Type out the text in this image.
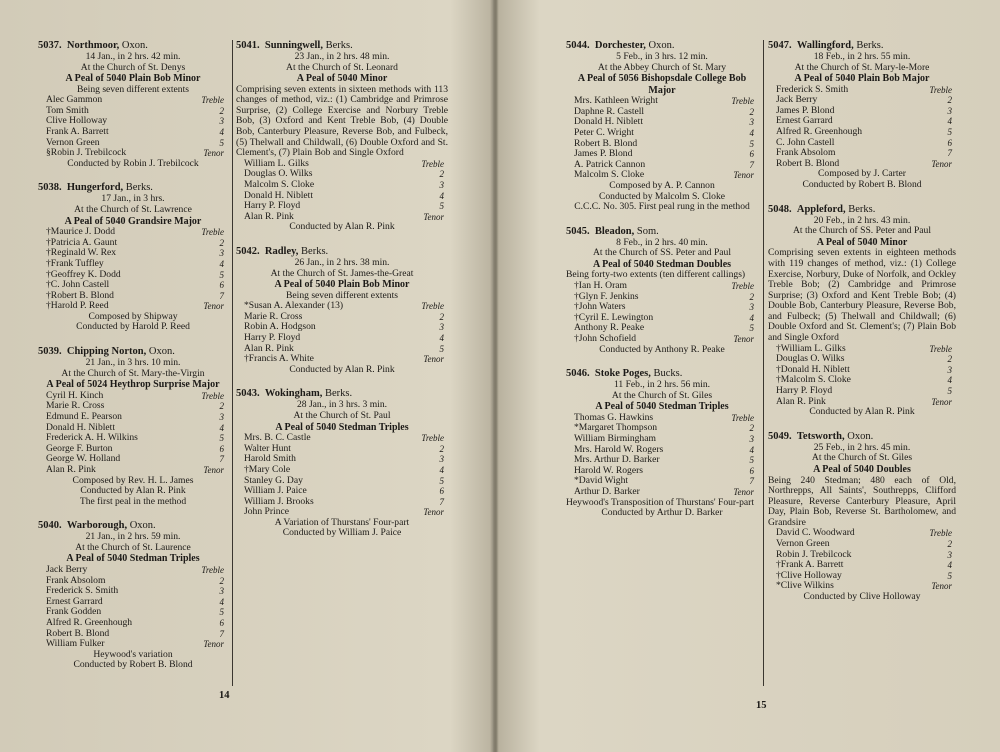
5037. Northmoor, Oxon.
14 Jan., in 2 hrs. 42 min.
At the Church of St. Denys
A Peal of 5040 Plain Bob Minor
Being seven different extents
Alec Gammon	Treble
Tom Smith	2
Clive Holloway	3
Frank A. Barrett	4
Vernon Green	5
§Robin J. Trebilcock	Tenor
Conducted by Robin J. Trebilcock
5038. Hungerford, Berks.
17 Jan., in 3 hrs.
At the Church of St. Lawrence
A Peal of 5040 Grandsire Major
†Maurice J. Dodd	Treble
†Patricia A. Gaunt	2
†Reginald W. Rex	3
†Frank Tuffley	4
†Geoffrey K. Dodd	5
†C. John Castell	6
†Robert B. Blond	7
†Harold P. Reed	Tenor
Composed by Shipway
Conducted by Harold P. Reed
5039. Chipping Norton, Oxon.
21 Jan., in 3 hrs. 10 min.
At the Church of St. Mary-the-Virgin
A Peal of 5024 Heythrop Surprise Major
Cyril H. Kinch	Treble
Marie R. Cross	2
Edmund E. Pearson	3
Donald H. Niblett	4
Frederick A. H. Wilkins	5
George F. Burton	6
George W. Holland	7
Alan R. Pink	Tenor
Composed by Rev. H. L. James
Conducted by Alan R. Pink
The first peal in the method
5040. Warborough, Oxon.
21 Jan., in 2 hrs. 59 min.
At the Church of St. Laurence
A Peal of 5040 Stedman Triples
Jack Berry	Treble
Frank Absolom	2
Frederick S. Smith	3
Ernest Garrard	4
Frank Godden	5
Alfred R. Greenhough	6
Robert B. Blond	7
William Fulker	Tenor
Heywood's variation
Conducted by Robert B. Blond
5041. Sunningwell, Berks.
23 Jan., in 2 hrs. 48 min.
At the Church of St. Leonard
A Peal of 5040 Minor
Comprising seven extents in sixteen methods with 113 changes of method, viz.: (1) Cambridge and Primrose Surprise, (2) College Exercise and Norbury Treble Bob, (3) Oxford and Kent Treble Bob, (4) Double Bob, Canterbury Pleasure, Reverse Bob, and Fulbeck, (5) Thelwall and Childwall, (6) Double Oxford and St. Clement's, (7) Plain Bob and Single Oxford
William L. Gilks	Treble
Douglas O. Wilks	2
Malcolm S. Cloke	3
Donald H. Niblett	4
Harry P. Floyd	5
Alan R. Pink	Tenor
Conducted by Alan R. Pink
5042. Radley, Berks.
26 Jan., in 2 hrs. 38 min.
At the Church of St. James-the-Great
A Peal of 5040 Plain Bob Minor
Being seven different extents
*Susan A. Alexander (13)	Treble
Marie R. Cross	2
Robin A. Hodgson	3
Harry P. Floyd	4
Alan R. Pink	5
†Francis A. White	Tenor
Conducted by Alan R. Pink
5043. Wokingham, Berks.
28 Jan., in 3 hrs. 3 min.
At the Church of St. Paul
A Peal of 5040 Stedman Triples
Mrs. B. C. Castle	Treble
Walter Hunt	2
Harold Smith	3
†Mary Cole	4
Stanley G. Day	5
William J. Paice	6
William J. Brooks	7
John Prince	Tenor
A Variation of Thurstans' Four-part
Conducted by William J. Paice
5044. Dorchester, Oxon.
5 Feb., in 3 hrs. 12 min.
At the Abbey Church of St. Mary
A Peal of 5056 Bishopsdale College Bob Major
Mrs. Kathleen Wright	Treble
Daphne R. Castell	2
Donald H. Niblett	3
Peter C. Wright	4
Robert B. Blond	5
James P. Blond	6
A. Patrick Cannon	7
Malcolm S. Cloke	Tenor
Composed by A. P. Cannon
Conducted by Malcolm S. Cloke
C.C.C. No. 305. First peal rung in the method
5045. Bleadon, Som.
8 Feb., in 2 hrs. 40 min.
At the Church of SS. Peter and Paul
A Peal of 5040 Stedman Doubles
Being forty-two extents (ten different callings)
†Ian H. Oram	Treble
†Glyn F. Jenkins	2
†John Waters	3
†Cyril E. Lewington	4
Anthony R. Peake	5
†John Schofield	Tenor
Conducted by Anthony R. Peake
5046. Stoke Poges, Bucks.
11 Feb., in 2 hrs. 56 min.
At the Church of St. Giles
A Peal of 5040 Stedman Triples
Thomas G. Hawkins	Treble
*Margaret Thompson	2
William Birmingham	3
Mrs. Harold W. Rogers	4
Mrs. Arthur D. Barker	5
Harold W. Rogers	6
*David Wight	7
Arthur D. Barker	Tenor
Heywood's Transposition of Thurstans' Four-part
Conducted by Arthur D. Barker
5047. Wallingford, Berks.
18 Feb., in 2 hrs. 55 min.
At the Church of St. Mary-le-More
A Peal of 5040 Plain Bob Major
Frederick S. Smith	Treble
Jack Berry	2
James P. Blond	3
Ernest Garrard	4
Alfred R. Greenhough	5
C. John Castell	6
Frank Absolom	7
Robert B. Blond	Tenor
Composed by J. Carter
Conducted by Robert B. Blond
5048. Appleford, Berks.
20 Feb., in 2 hrs. 43 min.
At the Church of SS. Peter and Paul
A Peal of 5040 Minor
Comprising seven extents in eighteen methods with 119 changes of method, viz.: (1) College Exercise, Norbury, Duke of Norfolk, and Ockley Treble Bob; (2) Cambridge and Primrose Surprise; (3) Oxford and Kent Treble Bob; (4) Double Bob, Canterbury Pleasure, Reverse Bob, and Fulbeck; (5) Thelwall and Childwall; (6) Double Oxford and St. Clement's; (7) Plain Bob and Single Oxford
†William L. Gilks	Treble
Douglas O. Wilks	2
†Donald H. Niblett	3
†Malcolm S. Cloke	4
Harry P. Floyd	5
Alan R. Pink	Tenor
Conducted by Alan R. Pink
5049. Tetsworth, Oxon.
25 Feb., in 2 hrs. 45 min.
At the Church of St. Giles
A Peal of 5040 Doubles
Being 240 Stedman; 480 each of Old, Northrepps, All Saints', Southrepps, Clifford Pleasure, Reverse Canterbury Pleasure, April Day, Plain Bob, Reverse St. Bartholomew, and Grandsire
David C. Woodward	Treble
Vernon Green	2
Robin J. Trebilcock	3
†Frank A. Barrett	4
†Clive Holloway	5
*Clive Wilkins	Tenor
Conducted by Clive Holloway
14
15
